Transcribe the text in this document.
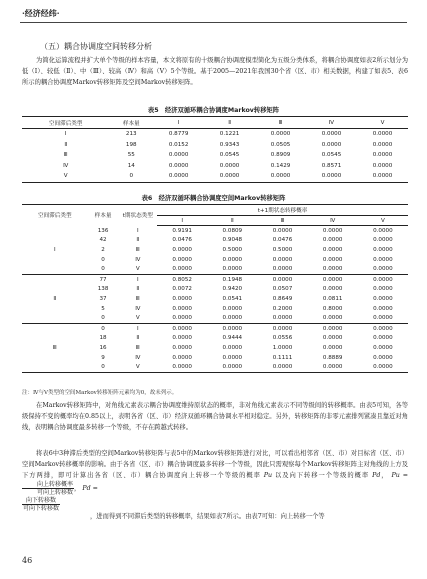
·经济经纬·
（五）耦合协调度空间转移分析
为简化运算流程并扩大单个等级的样本容量，本文将原有的十级耦合协调度模型简化为五级分类体系，将耦合协调度如表2所示划分为低（Ⅰ）、较低（Ⅱ）、中（Ⅲ）、较高（Ⅳ）和高（Ⅴ）5个等级。基于2005—2021年我国30个省（区、市）相关数据，构建了如表5、表6所示的耦合协调度Markov转移矩阵及空间Markov转移矩阵。
表5　经济双循环耦合协调度Markov转移矩阵
空间滞后类型	样本量	Ⅰ	Ⅱ	Ⅲ	Ⅳ	Ⅴ
Ⅰ	213	0.8779	0.1221	0.0000	0.0000	0.0000
Ⅱ	198	0.0152	0.9343	0.0505	0.0000	0.0000
Ⅲ	55	0.0000	0.0545	0.8909	0.0545	0.0000
Ⅳ	14	0.0000	0.0000	0.1429	0.8571	0.0000
Ⅴ	0	0.0000	0.0000	0.0000	0.0000	0.0000
表6　经济双循环耦合协调度空间Markov转移矩阵
空间滞后类型	样本量	t期状态类型	t+1期状态转移概率				
			Ⅰ	Ⅱ	Ⅲ	Ⅳ	Ⅴ
Ⅰ	136	Ⅰ	0.9191	0.0809	0.0000	0.0000	0.0000
	42	Ⅱ	0.0476	0.9048	0.0476	0.0000	0.0000
	2	Ⅲ	0.0000	0.5000	0.5000	0.0000	0.0000
	0	Ⅳ	0.0000	0.0000	0.0000	0.0000	0.0000
	0	Ⅴ	0.0000	0.0000	0.0000	0.0000	0.0000
Ⅱ	77	Ⅰ	0.8052	0.1948	0.0000	0.0000	0.0000
	138	Ⅱ	0.0072	0.9420	0.0507	0.0000	0.0000
	37	Ⅲ	0.0000	0.0541	0.8649	0.0811	0.0000
	5	Ⅳ	0.0000	0.0000	0.2000	0.8000	0.0000
	0	Ⅴ	0.0000	0.0000	0.0000	0.0000	0.0000
Ⅲ	0	Ⅰ	0.0000	0.0000	0.0000	0.0000	0.0000
	18	Ⅱ	0.0000	0.9444	0.0556	0.0000	0.0000
	16	Ⅲ	0.0000	0.0000	1.0000	0.0000	0.0000
	9	Ⅳ	0.0000	0.0000	0.1111	0.8889	0.0000
	0	Ⅴ	0.0000	0.0000	0.0000	0.0000	0.0000
注：Ⅳ与Ⅴ类型的空间Markov转移矩阵元素均为0，故未列示。
在Markov转移矩阵中，对角线元素表示耦合协调度维持原状态的概率，非对角线元素表示不同等级间的转移概率。由表5可知，各等级保持不变的概率均在0.85以上，表明各省（区、市）经济双循环耦合协调水平相对稳定。另外，转移矩阵的非零元素排列紧凑且靠近对角线，表明耦合协调度最多转移一个等级，不存在跨越式转移。
将表6中3种滞后类型的空间Markov转移矩阵与表5中的Markov转移矩阵进行对比，可以看出相邻省（区、市）对目标省（区、市）空间Markov转移概率的影响。由于各省（区、市）耦合协调度最多转移一个等级，因此只需观察每个Markov转移矩阵主对角线的上方及下方两排，即可计算出各省（区、市）耦合协调度向上转移一个等级的概率 Pu 以及向下转移一个等级的概率 Pd， Pu =
$\frac{\text{向上转移概率}}{\text{可向上转移数}}$ ， Pd =
$\frac{\text{向下转移数}}{\text{可向下转移数}}$
，进而得到不同滞后类型的转移概率，结果如表7所示。由表7可知：向上转移一个等
46
